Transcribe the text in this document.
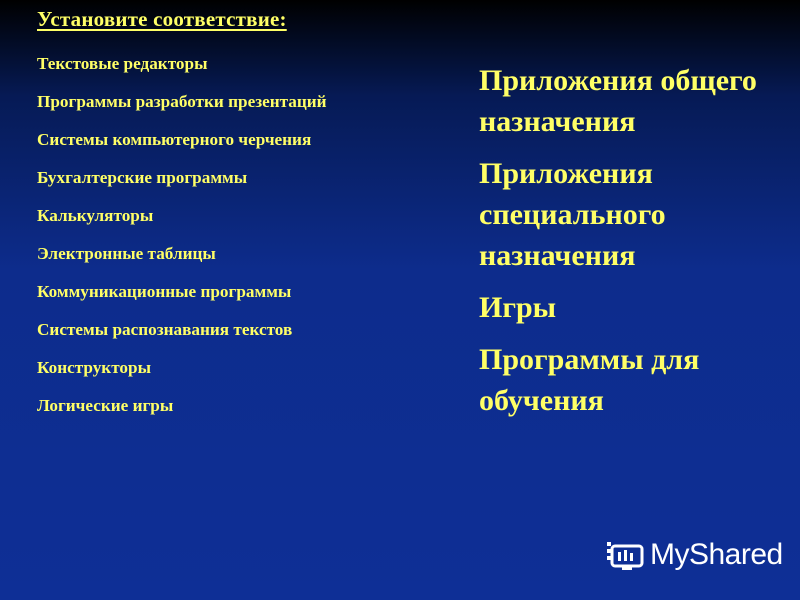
Установите соответствие:
Текстовые редакторы
Программы разработки презентаций
Системы компьютерного черчения
Бухгалтерские программы
Калькуляторы
Электронные таблицы
Коммуникационные программы
Системы распознавания текстов
Конструкторы
Логические игры
Приложения общего назначения
Приложения специального назначения
Игры
Программы для обучения
MyShared
